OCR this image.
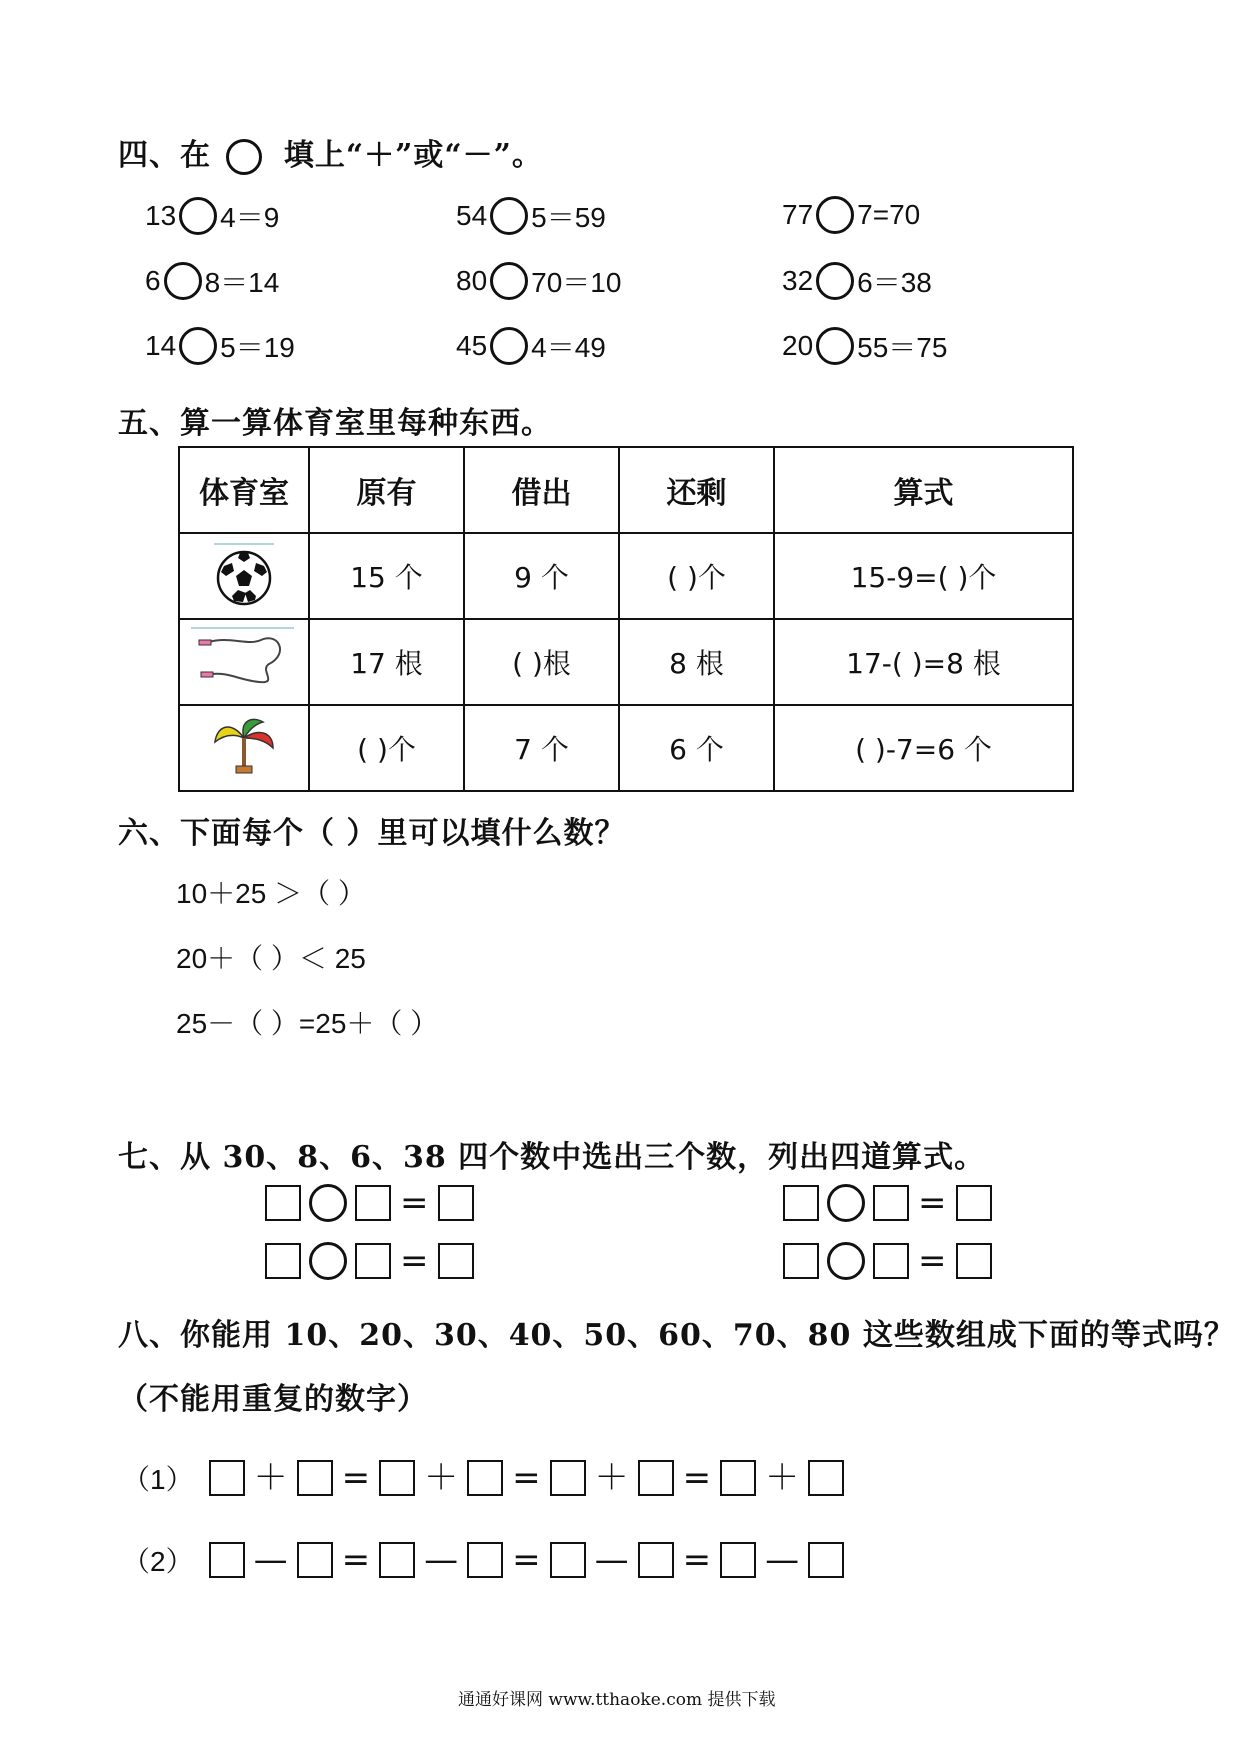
四、在 填上“＋”或“－”。
13 4＝9	54 5＝59	77 7=70
6 8＝14	80 70＝10	32 6＝38
14 5＝19	45 4＝49	20 55＝75
五、算一算体育室里每种东西。
体育室	原有	借出	还剩	算式
	15 个	9 个	( )个	15-9=( )个
	17 根	( )根	8 根	17-( )=8 根
	( )个	7 个	6 个	( )-7=6 个
六、下面每个（ ）里可以填什么数？
10＋25 ＞（ ）
20＋（ ）＜ 25
25－（ ）=25＋（ ）
七、从 30、8、6、38 四个数中选出三个数，列出四道算式。
=	=
=	=
八、你能用 10、20、30、40、50、60、70、80 这些数组成下面的等式吗？
（不能用重复的数字）
（1） ＋ = ＋ = ＋ = ＋
（2） — = — = — = —
通通好课网 www.tthaoke.com 提供下载
